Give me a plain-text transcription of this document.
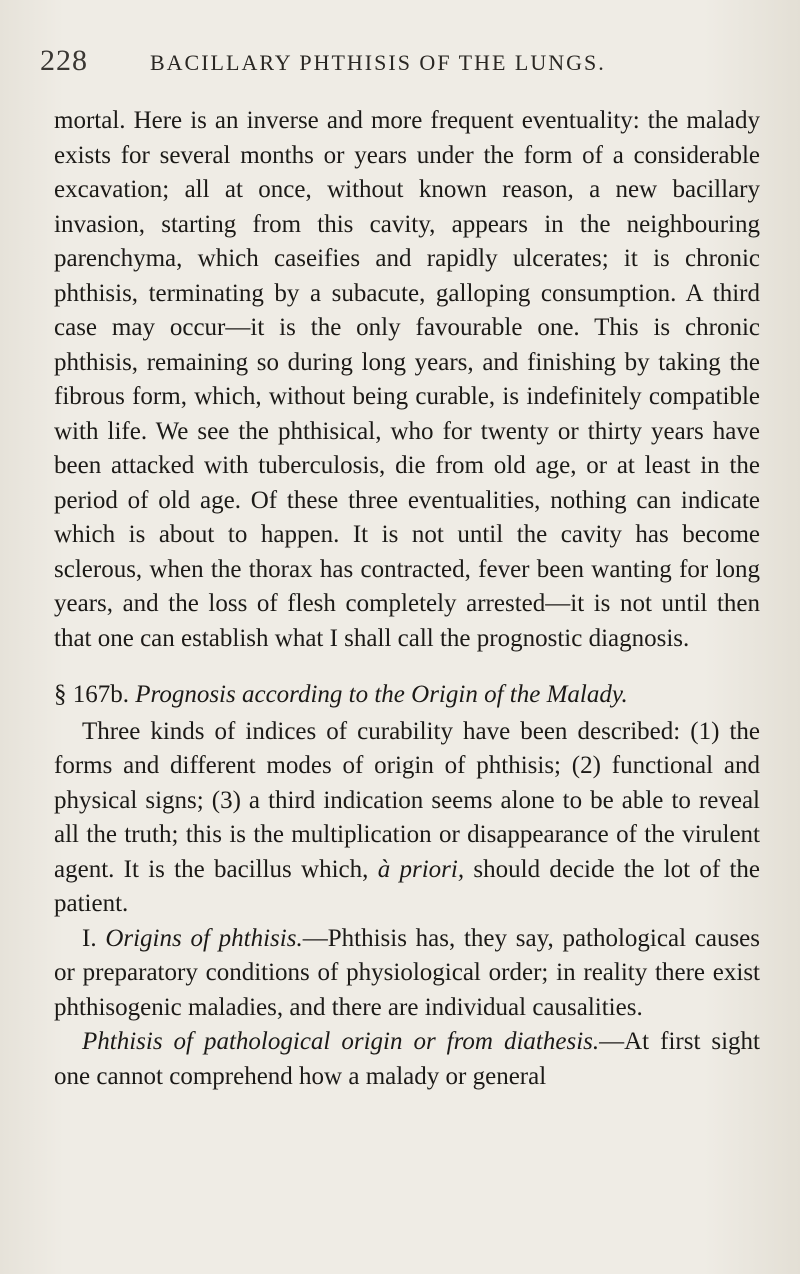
228	BACILLARY PHTHISIS OF THE LUNGS.

mortal. Here is an inverse and more frequent eventuality: the malady exists for several months or years under the form of a considerable excavation; all at once, without known reason, a new bacillary invasion, starting from this cavity, appears in the neighbouring parenchyma, which caseifies and rapidly ulcerates; it is chronic phthisis, terminating by a subacute, galloping consumption. A third case may occur—it is the only favourable one. This is chronic phthisis, remaining so during long years, and finishing by taking the fibrous form, which, without being curable, is indefinitely compatible with life. We see the phthisical, who for twenty or thirty years have been attacked with tuberculosis, die from old age, or at least in the period of old age. Of these three eventualities, nothing can indicate which is about to happen. It is not until the cavity has become sclerous, when the thorax has contracted, fever been wanting for long years, and the loss of flesh completely arrested—it is not until then that one can establish what I shall call the prognostic diagnosis.

§ 167b. Prognosis according to the Origin of the Malady.

Three kinds of indices of curability have been described: (1) the forms and different modes of origin of phthisis; (2) functional and physical signs; (3) a third indication seems alone to be able to reveal all the truth; this is the multiplication or disappearance of the virulent agent. It is the bacillus which, à priori, should decide the lot of the patient.

I. Origins of phthisis.—Phthisis has, they say, pathological causes or preparatory conditions of physiological order; in reality there exist phthisogenic maladies, and there are individual causalities.

Phthisis of pathological origin or from diathesis.—At first sight one cannot comprehend how a malady or general
